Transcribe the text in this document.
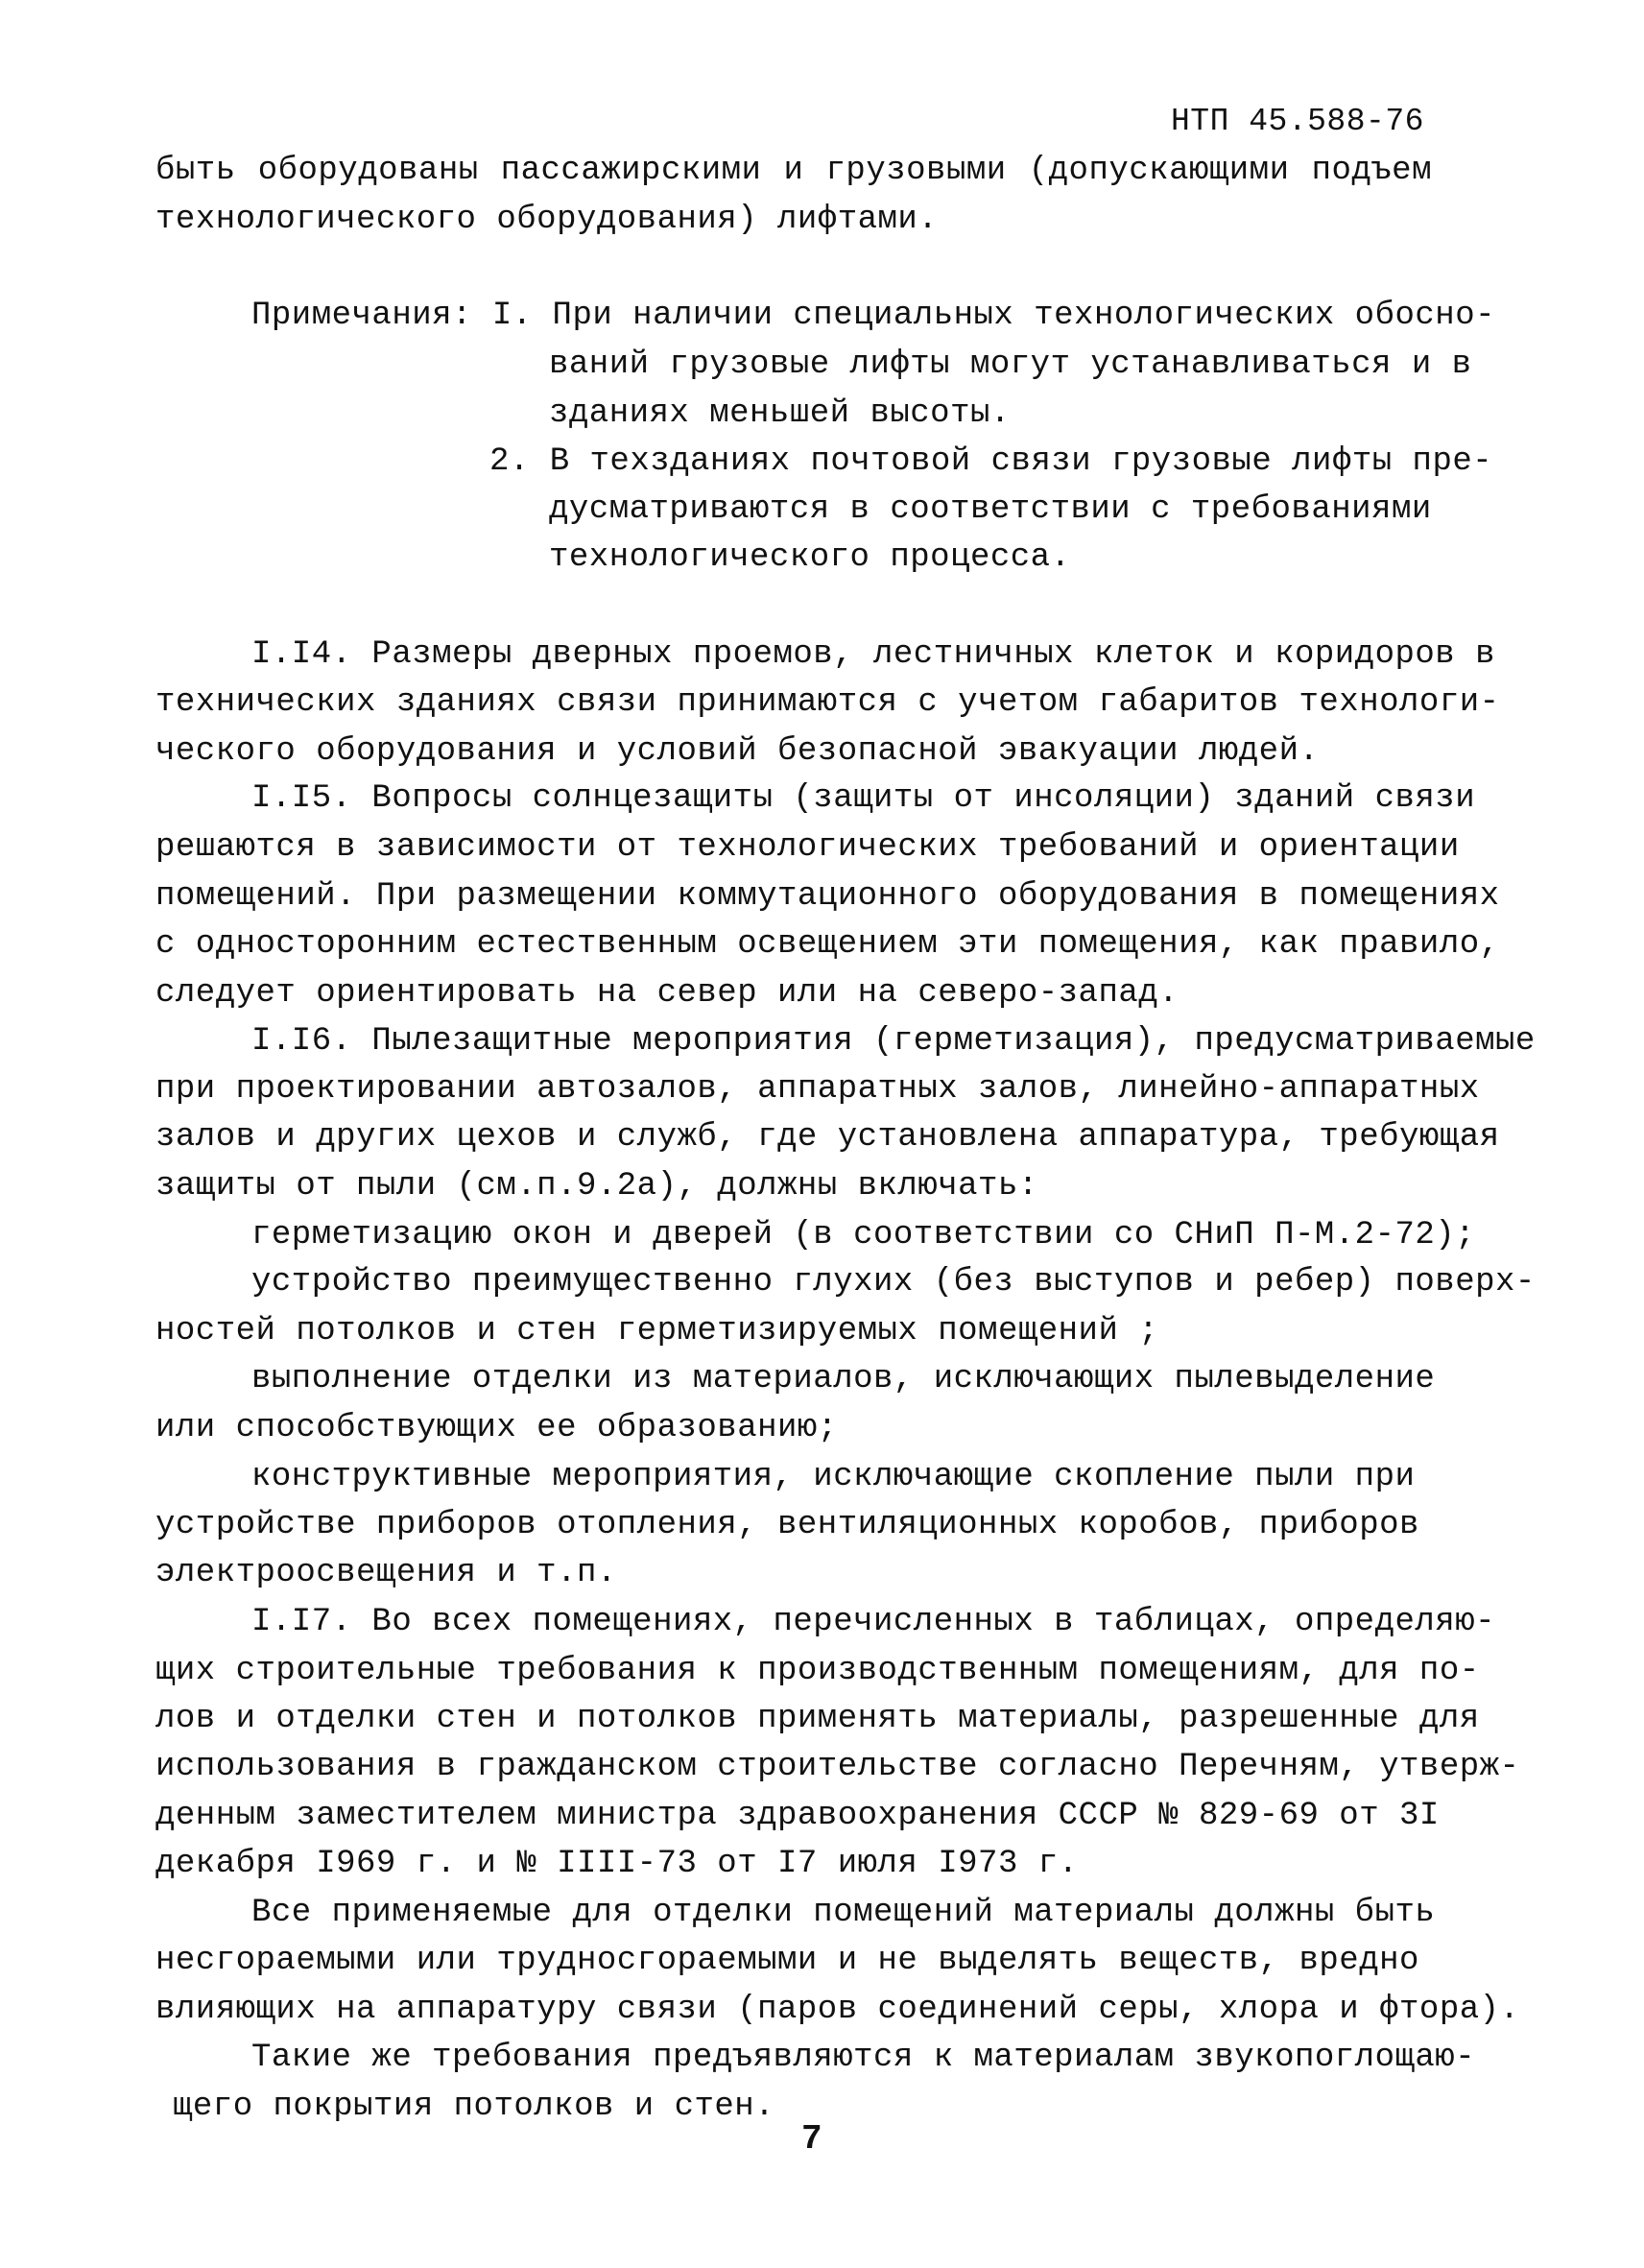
НТП 45.588-76
быть оборудованы пассажирскими и грузовыми (допускающими подъем
технологического оборудования) лифтами.
Примечания: I. При наличии специальных технологических обосно-
ваний грузовые лифты могут устанавливаться и в
зданиях меньшей высоты.
2. В техзданиях почтовой связи грузовые лифты пре-
дусматриваются в соответствии с требованиями
технологического процесса.
I.I4. Размеры дверных проемов, лестничных клеток и коридоров в
технических зданиях связи принимаются с учетом габаритов технологи-
ческого оборудования и условий безопасной эвакуации людей.
I.I5. Вопросы солнцезащиты (защиты от инсоляции) зданий связи
решаются в зависимости от технологических требований и ориентации
помещений. При размещении коммутационного оборудования в помещениях
с односторонним естественным освещением эти помещения, как правило,
следует ориентировать на север или на северо-запад.
I.I6. Пылезащитные мероприятия (герметизация), предусматриваемые
при проектировании автозалов, аппаратных залов, линейно-аппаратных
залов и других цехов и служб, где установлена аппаратура, требующая
защиты от пыли (см.п.9.2а), должны включать:
герметизацию окон и дверей (в соответствии со СНиП П-М.2-72);
устройство преимущественно глухих (без выступов и ребер) поверх-
ностей потолков и стен герметизируемых помещений ;
выполнение отделки из материалов, исключающих пылевыделение
или способствующих ее образованию;
конструктивные мероприятия, исключающие скопление пыли при
устройстве приборов отопления, вентиляционных коробов, приборов
электроосвещения и т.п.
I.I7. Во всех помещениях, перечисленных в таблицах, определяю-
щих строительные требования к производственным помещениям, для по-
лов и отделки стен и потолков применять материалы, разрешенные для
использования в гражданском строительстве согласно Перечням, утверж-
денным заместителем министра здравоохранения СССР № 829-69 от 3I
декабря I969 г. и № IIII-73 от I7 июля I973 г.
Все применяемые для отделки помещений материалы должны быть
несгораемыми или трудносгораемыми и не выделять веществ, вредно
влияющих на аппаратуру связи (паров соединений серы, хлора и фтора).
Такие же требования предъявляются к материалам звукопоглощаю-
щего покрытия потолков и стен.
7
